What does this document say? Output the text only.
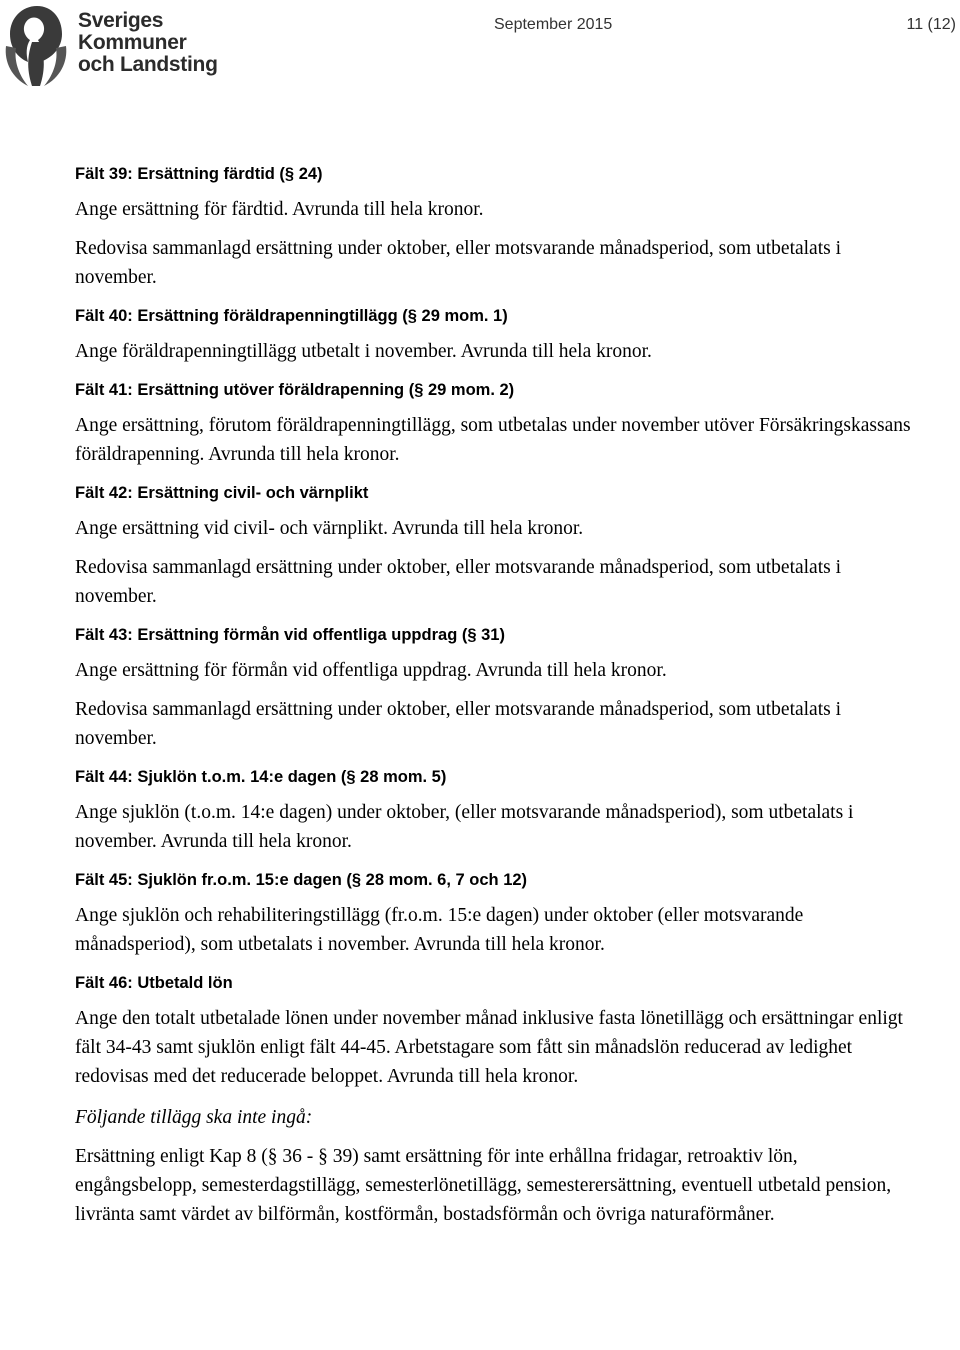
Sveriges
Kommuner
och Landsting
September 2015	11 (12)
Fält 39: Ersättning färdtid (§ 24)

Ange ersättning för färdtid. Avrunda till hela kronor.

Redovisa sammanlagd ersättning under oktober, eller motsvarande månadsperiod, som utbetalats i november.

Fält 40: Ersättning föräldrapenningtillägg (§ 29 mom. 1)

Ange föräldrapenningtillägg utbetalt i november. Avrunda till hela kronor.

Fält 41: Ersättning utöver föräldrapenning (§ 29 mom. 2)

Ange ersättning, förutom föräldrapenningtillägg, som utbetalas under november utöver Försäkringskassans föräldrapenning. Avrunda till hela kronor.

Fält 42: Ersättning civil- och värnplikt

Ange ersättning vid civil- och värnplikt. Avrunda till hela kronor.

Redovisa sammanlagd ersättning under oktober, eller motsvarande månadsperiod, som utbetalats i november.

Fält 43: Ersättning förmån vid offentliga uppdrag (§ 31)

Ange ersättning för förmån vid offentliga uppdrag. Avrunda till hela kronor.

Redovisa sammanlagd ersättning under oktober, eller motsvarande månadsperiod, som utbetalats i november.

Fält 44: Sjuklön t.o.m. 14:e dagen (§ 28 mom. 5)

Ange sjuklön (t.o.m. 14:e dagen) under oktober, (eller motsvarande månadsperiod), som utbetalats i november. Avrunda till hela kronor.

Fält 45: Sjuklön fr.o.m. 15:e dagen (§ 28 mom. 6, 7 och 12)

Ange sjuklön och rehabiliteringstillägg (fr.o.m. 15:e dagen) under oktober (eller motsvarande månadsperiod), som utbetalats i november. Avrunda till hela kronor.

Fält 46: Utbetald lön

Ange den totalt utbetalade lönen under november månad inklusive fasta lönetillägg och ersättningar enligt fält 34-43 samt sjuklön enligt fält 44-45. Arbetstagare som fått sin månadslön reducerad av ledighet redovisas med det reducerade beloppet. Avrunda till hela kronor.

Följande tillägg ska inte ingå:

Ersättning enligt Kap 8 (§ 36 - § 39) samt ersättning för inte erhållna fridagar, retroaktiv lön, engångsbelopp, semesterdagstillägg, semesterlönetillägg, semesterersättning, eventuell utbetald pension, livränta samt värdet av bilförmån, kostförmån, bostadsförmån och övriga naturaförmåner.
